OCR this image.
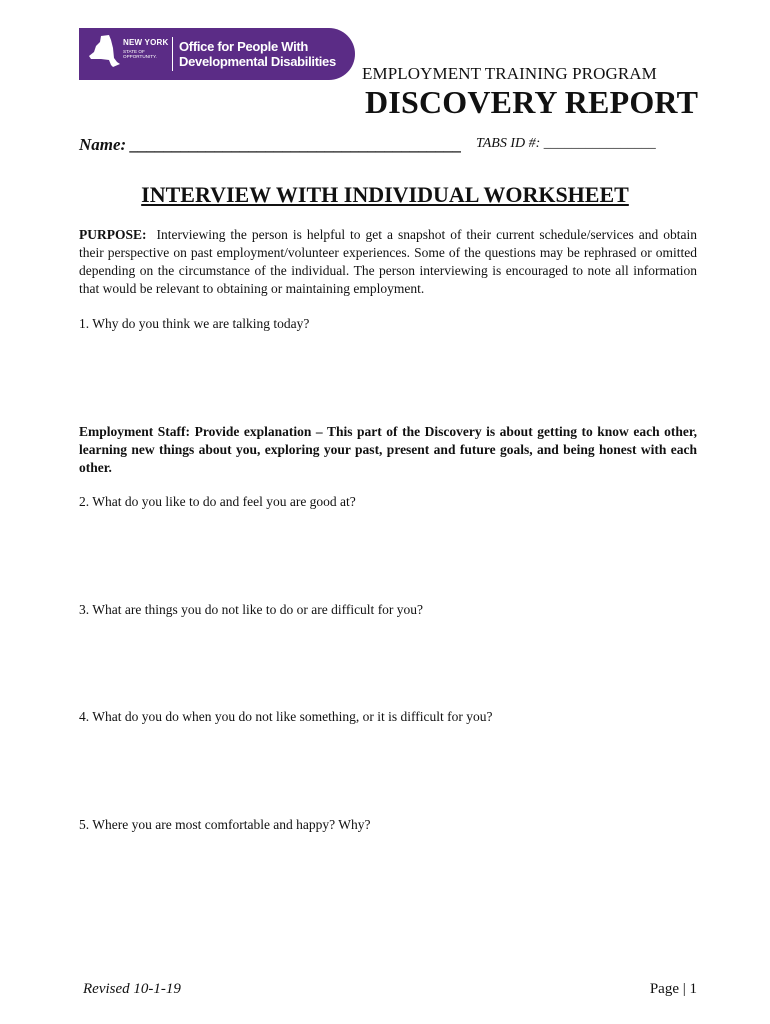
NEW YORK
STATE OF OPPORTUNITY.
Office for People With
Developmental Disabilities
EMPLOYMENT TRAINING PROGRAM
DISCOVERY REPORT
Name: _______________________________________ TABS ID #: ________________
INTERVIEW WITH INDIVIDUAL WORKSHEET
PURPOSE: Interviewing the person is helpful to get a snapshot of their current schedule/services and obtain their perspective on past employment/volunteer experiences. Some of the questions may be rephrased or omitted depending on the circumstance of the individual. The person interviewing is encouraged to note all information that would be relevant to obtaining or maintaining employment.
1. Why do you think we are talking today?
Employment Staff: Provide explanation – This part of the Discovery is about getting to know each other, learning new things about you, exploring your past, present and future goals, and being honest with each other.
2. What do you like to do and feel you are good at?
3. What are things you do not like to do or are difficult for you?
4. What do you do when you do not like something, or it is difficult for you?
5. Where you are most comfortable and happy? Why?
Revised 10-1-19	Page | 1
